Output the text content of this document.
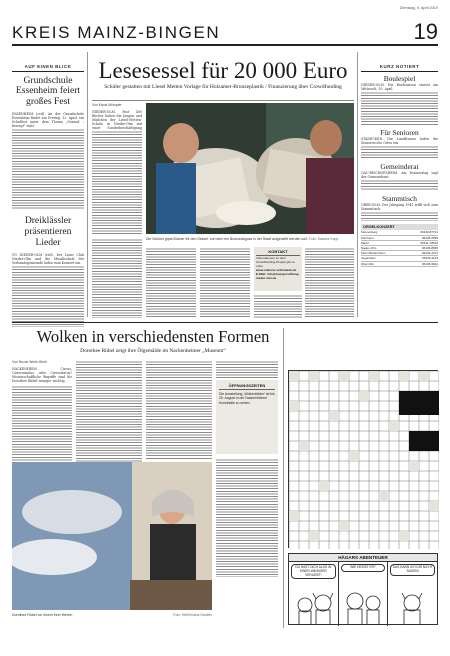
Dienstag, 9. April 2019
KREIS MAINZ-BINGEN	19
AUF EINEN BLICK
Grundschule Essenheim feiert großes Fest
ESSENHEIM (red). An der Grundschule Essenheim findet am Freitag, 12. April, ein Schulfest unter dem Thema „Gesund – bewegt“ statt.
Dreiklässler präsentieren Lieder
VG NIEDER-OLM (red). Der Lions Club Nieder-Olm und die Musikschule der Verbandsgemeinde laden zum Konzert ein.
Lesesessel für 20 000 Euro
Schüler gestalten mit Liesel Metten Vorlage für Holzamer-Bronzeplastik / Finanzierung über Crowdfunding
Von Klaus Mümpfer
NIEDER-OLM. Fast 400 Bücher haben die Jungen und Mädchen der Liesel-Metten-Schule in Nieder-Olm mit einer Sonderbeschäftigung
Die Schüler gipst Bücher für den Sessel, von dem ein Bronzeabguss in der Stadt aufgestellt werden soll. Foto: Sascha Kopp
KONTAKT
Informationen zu dem Crowdfunding-Projekt gib es unter
www.mainzer-volksbank.de
E-Mail: info@buergerstiftung-nieder-olm.de
KURZ NOTIERT
Boulespiel
NIEDER-OLM. Die Boulesaison startet am Mittwoch, 10. April.
Für Senioren
STADECKEN. Die Landfrauen laden die Senioren des Ortes ein.
Gemeinderat
GAU-BISCHOFSHEIM. Am Donnerstag tagt der Gemeinderat.
Stammtisch
OBER-OLM. Der Jahrgang 1941 trifft sich zum Stammtisch.
ORGELKONZERT
Sonnenberg	06130-87741
Zornheim	06136-2355
Mainz	06131-78523
Nieder-Olm	06136-8845
Klein-Winternheim	06136-4471
Jugenheim	06130-1123
Ober-Olm	06136-9912
Wolken in verschiedensten Formen
Dorothee Rübel zeigt ihre Ölgemälde im Nackenheimer „Museum“
Von Nicole Werle-Brink
NACKENHEIM. Circus, Cirrocumulus oder Cirrostratus? Wissenschaftliche Begriffe sind für Dorothee Rübel weniger wichtig.
ÖFFNUNGSZEITEN
Die Ausstellung „Wolkenbilder“ ist bis 25. August in der Nackenheimer Kunsthalle zu sehen.
Dorothee Rübel vor einem ihrer Werke.	Foto: Hbf/Kristina Schäfer
HÄGARS ABENTEUER
DU HAST DICH ALSO IN EINEN WIKINGER VERLIEBT!
WIE HEISST ER?	DAS KANN ICH DIR NICHT SAGEN!
